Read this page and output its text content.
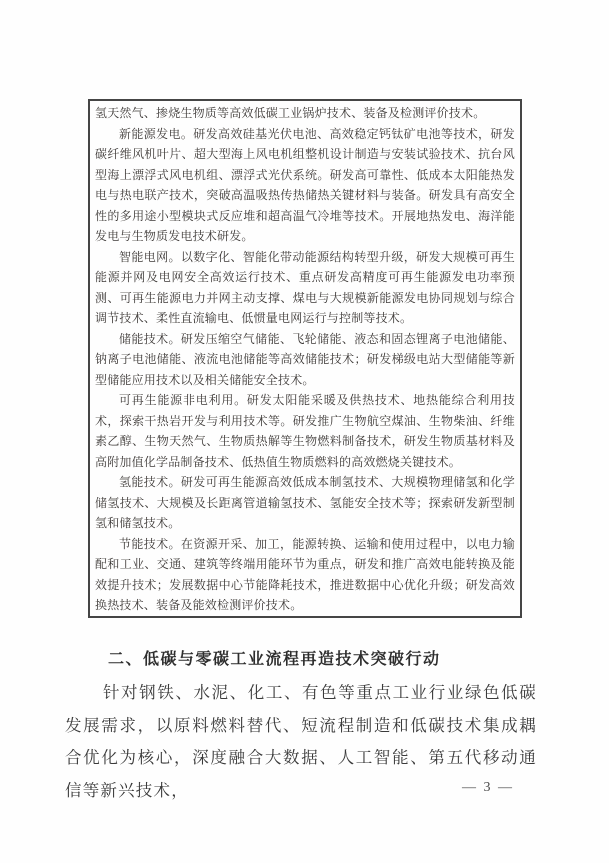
氢天然气、掺烧生物质等高效低碳工业锅炉技术、装备及检测评价技术。

新能源发电。研发高效硅基光伏电池、高效稳定钙钛矿电池等技术，研发碳纤维风机叶片、超大型海上风电机组整机设计制造与安装试验技术、抗台风型海上漂浮式风电机组、漂浮式光伏系统。研发高可靠性、低成本太阳能热发电与热电联产技术，突破高温吸热传热储热关键材料与装备。研发具有高安全性的多用途小型模块式反应堆和超高温气冷堆等技术。开展地热发电、海洋能发电与生物质发电技术研发。

智能电网。以数字化、智能化带动能源结构转型升级，研发大规模可再生能源并网及电网安全高效运行技术、重点研发高精度可再生能源发电功率预测、可再生能源电力并网主动支撑、煤电与大规模新能源发电协同规划与综合调节技术、柔性直流输电、低惯量电网运行与控制等技术。

储能技术。研发压缩空气储能、飞轮储能、液态和固态锂离子电池储能、钠离子电池储能、液流电池储能等高效储能技术；研发梯级电站大型储能等新型储能应用技术以及相关储能安全技术。

可再生能源非电利用。研发太阳能采暖及供热技术、地热能综合利用技术，探索干热岩开发与利用技术等。研发推广生物航空煤油、生物柴油、纤维素乙醇、生物天然气、生物质热解等生物燃料制备技术，研发生物质基材料及高附加值化学品制备技术、低热值生物质燃料的高效燃烧关键技术。

氢能技术。研发可再生能源高效低成本制氢技术、大规模物理储氢和化学储氢技术、大规模及长距离管道输氢技术、氢能安全技术等；探索研发新型制氢和储氢技术。

节能技术。在资源开采、加工，能源转换、运输和使用过程中，以电力输配和工业、交通、建筑等终端用能环节为重点，研发和推广高效电能转换及能效提升技术；发展数据中心节能降耗技术，推进数据中心优化升级；研发高效换热技术、装备及能效检测评价技术。

二、低碳与零碳工业流程再造技术突破行动

针对钢铁、水泥、化工、有色等重点工业行业绿色低碳发展需求，以原料燃料替代、短流程制造和低碳技术集成耦合优化为核心，深度融合大数据、人工智能、第五代移动通信等新兴技术，	— 3 —
